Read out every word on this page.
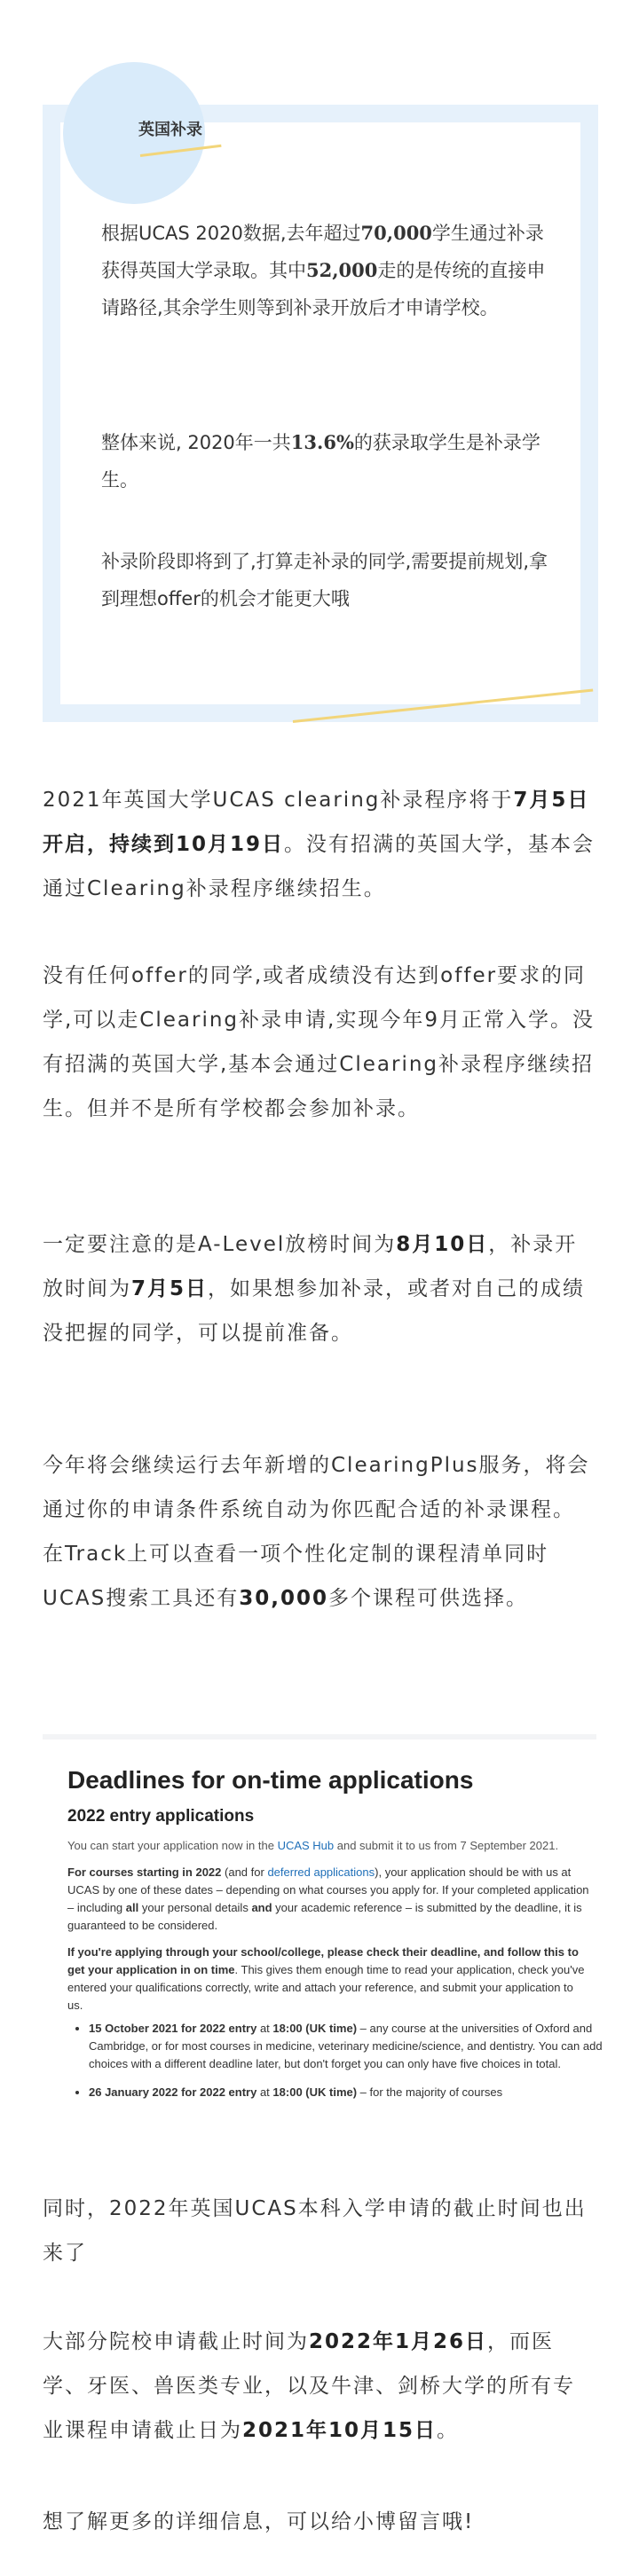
英国补录

根据UCAS 2020数据,去年超过70,000学生通过补录获得英国大学录取。其中52,000走的是传统的直接申请路径,其余学生则等到补录开放后才申请学校。

整体来说, 2020年一共13.6%的获录取学生是补录学生。

补录阶段即将到了,打算走补录的同学,需要提前规划,拿到理想offer的机会才能更大哦

2021年英国大学UCAS clearing补录程序将于7月5日开启，持续到10月19日。没有招满的英国大学，基本会通过Clearing补录程序继续招生。

没有任何offer的同学,或者成绩没有达到offer要求的同学,可以走Clearing补录申请,实现今年9月正常入学。没有招满的英国大学,基本会通过Clearing补录程序继续招生。但并不是所有学校都会参加补录。

一定要注意的是A-Level放榜时间为8月10日，补录开放时间为7月5日，如果想参加补录，或者对自己的成绩没把握的同学，可以提前准备。

今年将会继续运行去年新增的ClearingPlus服务，将会通过你的申请条件系统自动为你匹配合适的补录课程。在Track上可以查看一项个性化定制的课程清单同时UCAS搜索工具还有30,000多个课程可供选择。

Deadlines for on-time applications
2022 entry applications

You can start your application now in the UCAS Hub and submit it to us from 7 September 2021.

For courses starting in 2022 (and for deferred applications), your application should be with us at UCAS by one of these dates – depending on what courses you apply for. If your completed application – including all your personal details and your academic reference – is submitted by the deadline, it is guaranteed to be considered.

If you're applying through your school/college, please check their deadline, and follow this to get your application in on time. This gives them enough time to read your application, check you've entered your qualifications correctly, write and attach your reference, and submit your application to us.

• 15 October 2021 for 2022 entry at 18:00 (UK time) – any course at the universities of Oxford and Cambridge, or for most courses in medicine, veterinary medicine/science, and dentistry. You can add choices with a different deadline later, but don't forget you can only have five choices in total.
• 26 January 2022 for 2022 entry at 18:00 (UK time) – for the majority of courses

同时，2022年英国UCAS本科入学申请的截止时间也出来了

大部分院校申请截止时间为2022年1月26日，而医学、牙医、兽医类专业，以及牛津、剑桥大学的所有专业课程申请截止日为2021年10月15日。

想了解更多的详细信息，可以给小博留言哦!
